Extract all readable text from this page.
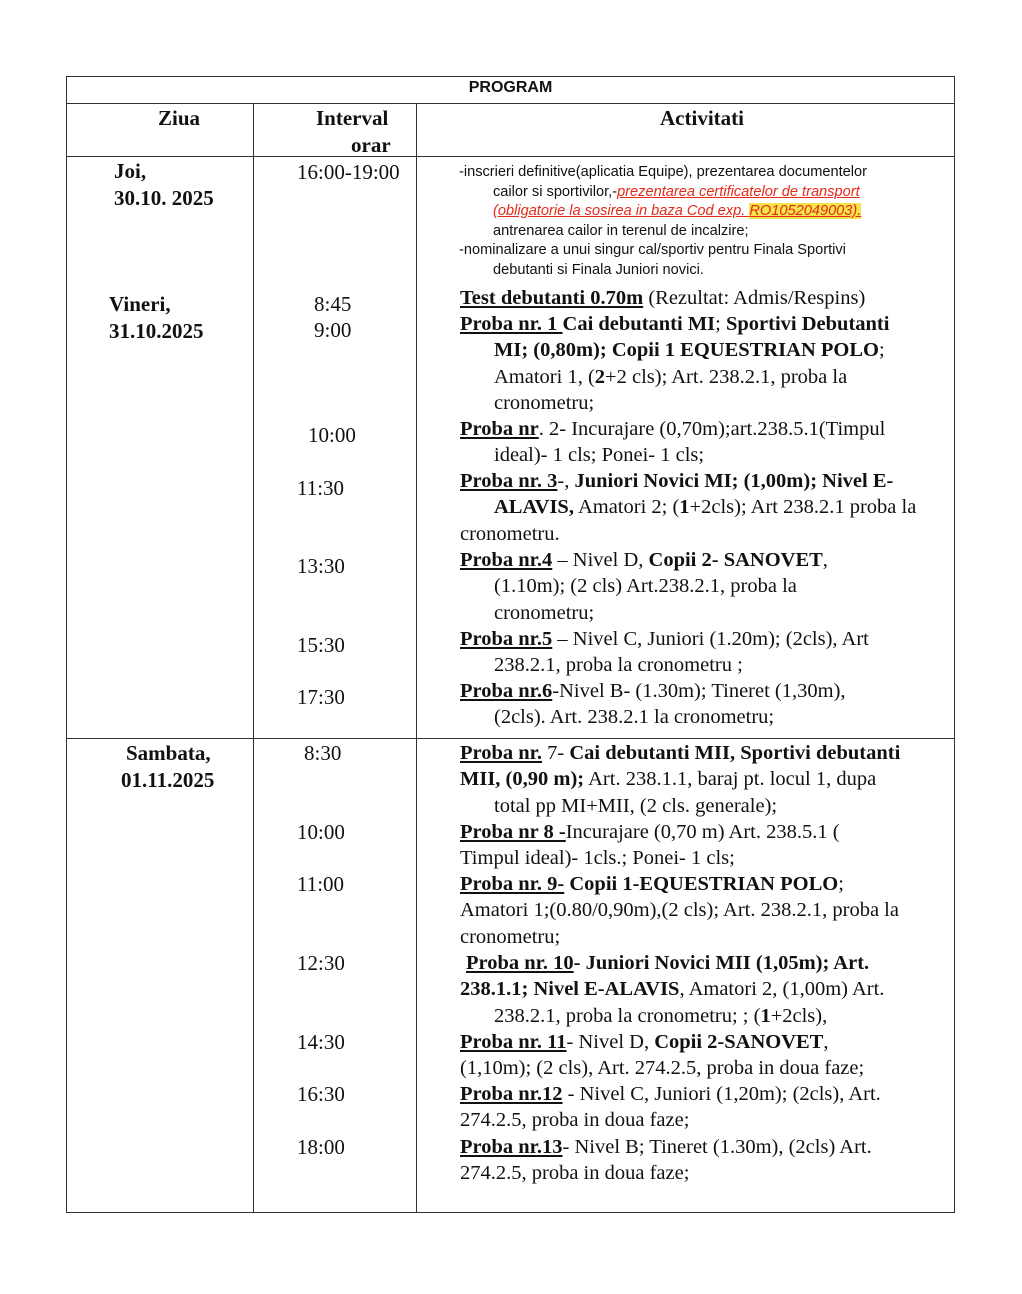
PROGRAM
Ziua	Interval
orar
Activitati
Joi,
30.10. 2025
Vineri,
31.10.2025
Sambata,
01.11.2025
16:00-19:00
8:45
9:00
10:00
11:30
13:30
15:30
17:30
8:30
10:00
11:00
12:30
14:30
16:30
18:00
-inscrieri definitive(aplicatia Equipe), prezentarea documentelor
cailor si sportivilor,-prezentarea certificatelor de transport
(obligatorie la sosirea in baza Cod exp. RO1052049003).
antrenarea cailor in terenul de incalzire;
-nominalizare a unui singur cal/sportiv pentru Finala Sportivi
debutanti si Finala Juniori novici.
Test debutanti 0.70m (Rezultat: Admis/Respins)
Proba nr. 1 Cai debutanti MI; Sportivi Debutanti
MI; (0,80m); Copii 1 EQUESTRIAN POLO;
Amatori 1, (2+2 cls); Art. 238.2.1, proba la
cronometru;
Proba nr. 2- Incurajare (0,70m);art.238.5.1(Timpul
ideal)- 1 cls; Ponei- 1 cls;
Proba nr. 3-, Juniori Novici MI; (1,00m); Nivel E-
ALAVIS, Amatori 2; (1+2cls); Art 238.2.1 proba la
cronometru.
Proba nr.4 – Nivel D, Copii 2- SANOVET,
(1.10m); (2 cls) Art.238.2.1, proba la
cronometru;
Proba nr.5 – Nivel C, Juniori (1.20m); (2cls), Art
238.2.1, proba la cronometru ;
Proba nr.6-Nivel B- (1.30m); Tineret (1,30m),
(2cls). Art. 238.2.1 la cronometru;
Proba nr. 7- Cai debutanti MII, Sportivi debutanti
MII, (0,90 m); Art. 238.1.1, baraj pt. locul 1, dupa
total pp MI+MII, (2 cls. generale);
Proba nr 8 -Incurajare (0,70 m) Art. 238.5.1 (
Timpul ideal)- 1cls.; Ponei- 1 cls;
Proba nr. 9- Copii 1-EQUESTRIAN POLO;
Amatori 1;(0.80/0,90m),(2 cls); Art. 238.2.1, proba la
cronometru;
Proba nr. 10- Juniori Novici MII (1,05m); Art.
238.1.1; Nivel E-ALAVIS, Amatori 2, (1,00m) Art.
238.2.1, proba la cronometru; ; (1+2cls),
Proba nr. 11- Nivel D, Copii 2-SANOVET,
(1,10m); (2 cls), Art. 274.2.5, proba in doua faze;
Proba nr.12 - Nivel C, Juniori (1,20m); (2cls), Art.
274.2.5, proba in doua faze;
Proba nr.13- Nivel B; Tineret (1.30m), (2cls) Art.
274.2.5, proba in doua faze;
